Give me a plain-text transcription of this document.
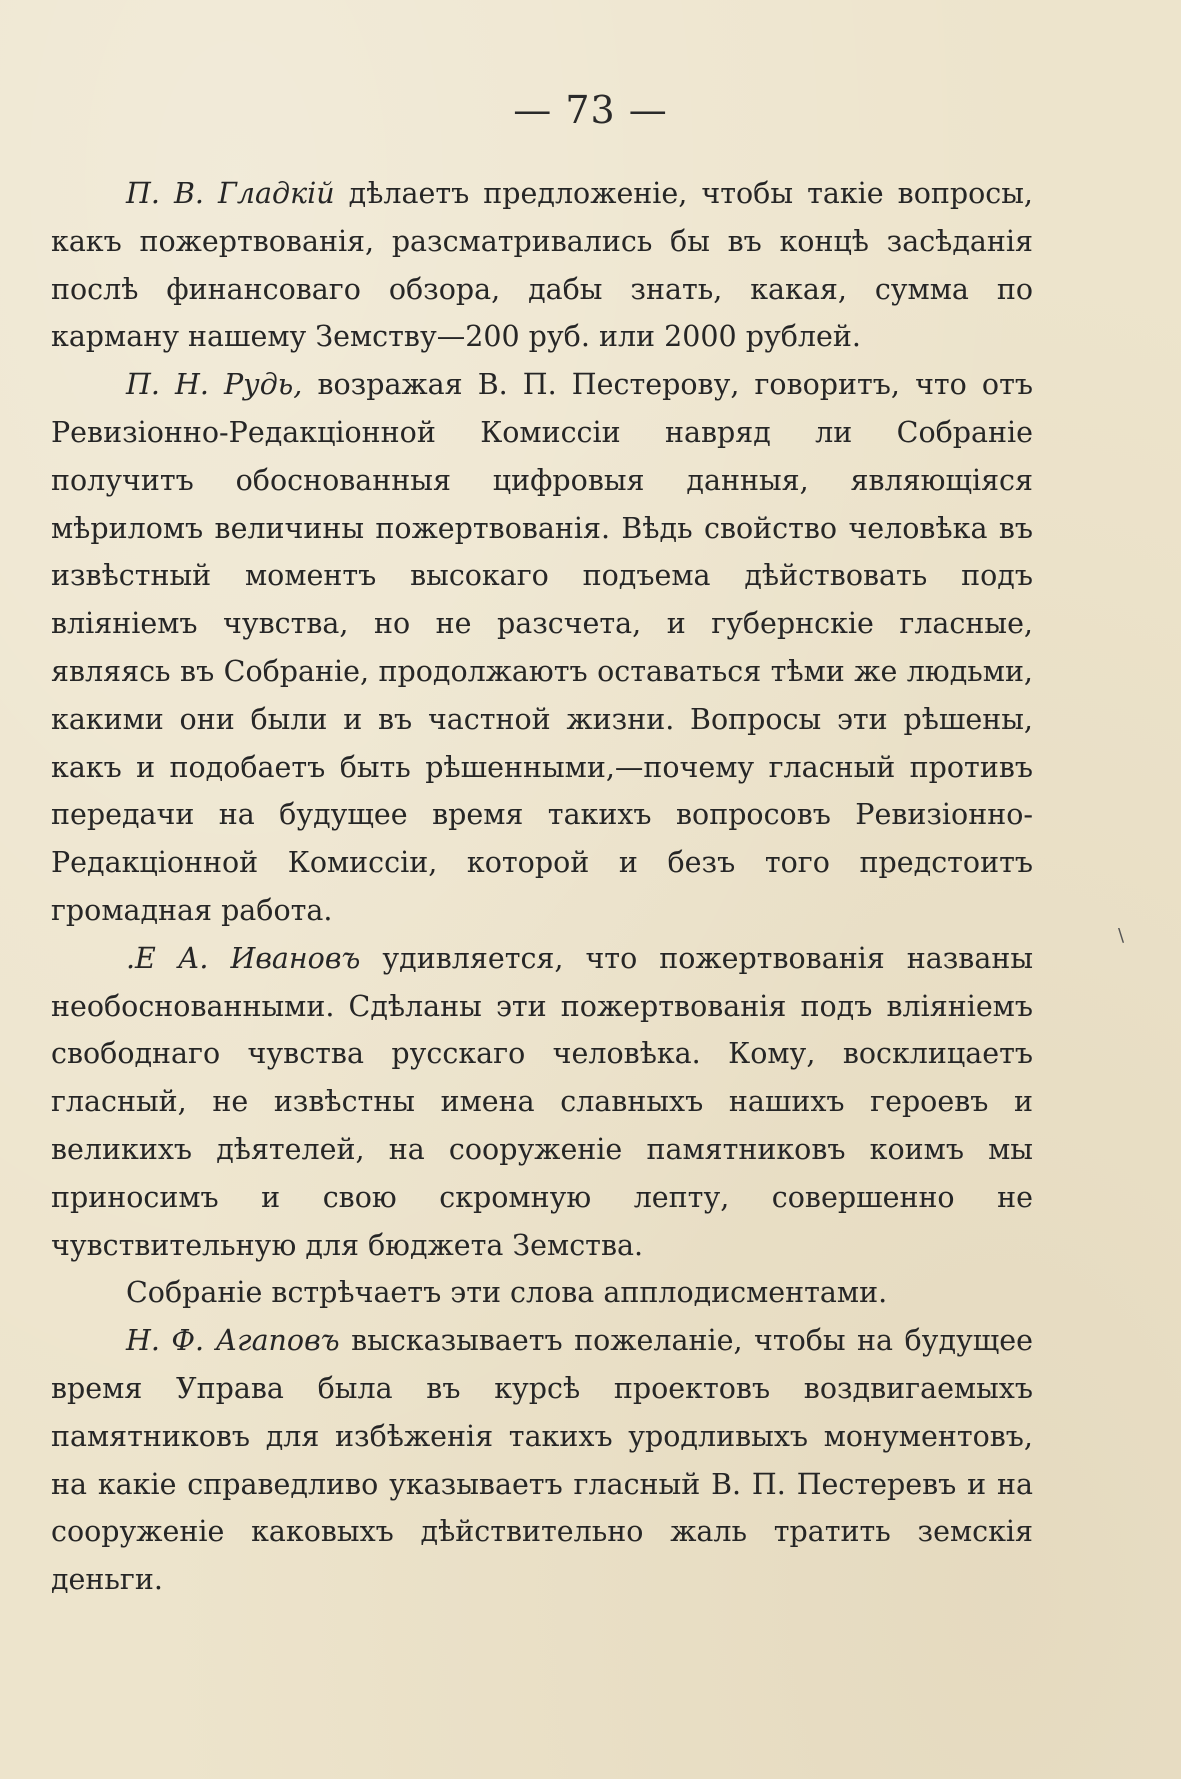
— 73 —

П. В. Гладкій дѣлаетъ предложеніе, чтобы такіе вопросы, какъ пожертвованія, разсматривались бы въ концѣ засѣданія послѣ финансоваго обзора, дабы знать, какая, сумма по карману нашему Земству—200 руб. или 2000 рублей.

П. Н. Рудь, возражая В. П. Пестерову, говоритъ, что отъ Ревизіонно-Редакціонной Комиссіи навряд ли Собраніе получитъ обоснованныя цифровыя данныя, являющіяся мѣриломъ величины пожертвованія. Вѣдь свойство человѣка въ извѣстный моментъ высокаго подъема дѣйствовать подъ вліяніемъ чувства, но не разсчета, и губернскіе гласные, являясь въ Собраніе, продолжаютъ оставаться тѣми же людьми, какими они были и въ частной жизни. Вопросы эти рѣшены, какъ и подобаетъ быть рѣшенными,—почему гласный противъ передачи на будущее время такихъ вопросовъ Ревизіонно-Редакціонной Комиссіи, которой и безъ того предстоитъ громадная работа.

.Е А. Ивановъ удивляется, что пожертвованія названы необоснованными. Сдѣланы эти пожертвованія подъ вліяніемъ свободнаго чувства русскаго человѣка. Кому, восклицаетъ гласный, не извѣстны имена славныхъ нашихъ героевъ и великихъ дѣятелей, на сооруженіе памятниковъ коимъ мы приносимъ и свою скромную лепту, совершенно не чувствительную для бюджета Земства.

Собраніе встрѣчаетъ эти слова апплодисментами.

Н. Ф. Агаповъ высказываетъ пожеланіе, чтобы на будущее время Управа была въ курсѣ проектовъ воздвигаемыхъ памятниковъ для избѣженія такихъ уродливыхъ монументовъ, на какіе справедливо указываетъ гласный В. П. Пестеревъ и на сооруженіе каковыхъ дѣйствительно жаль тратить земскія деньги.

\
